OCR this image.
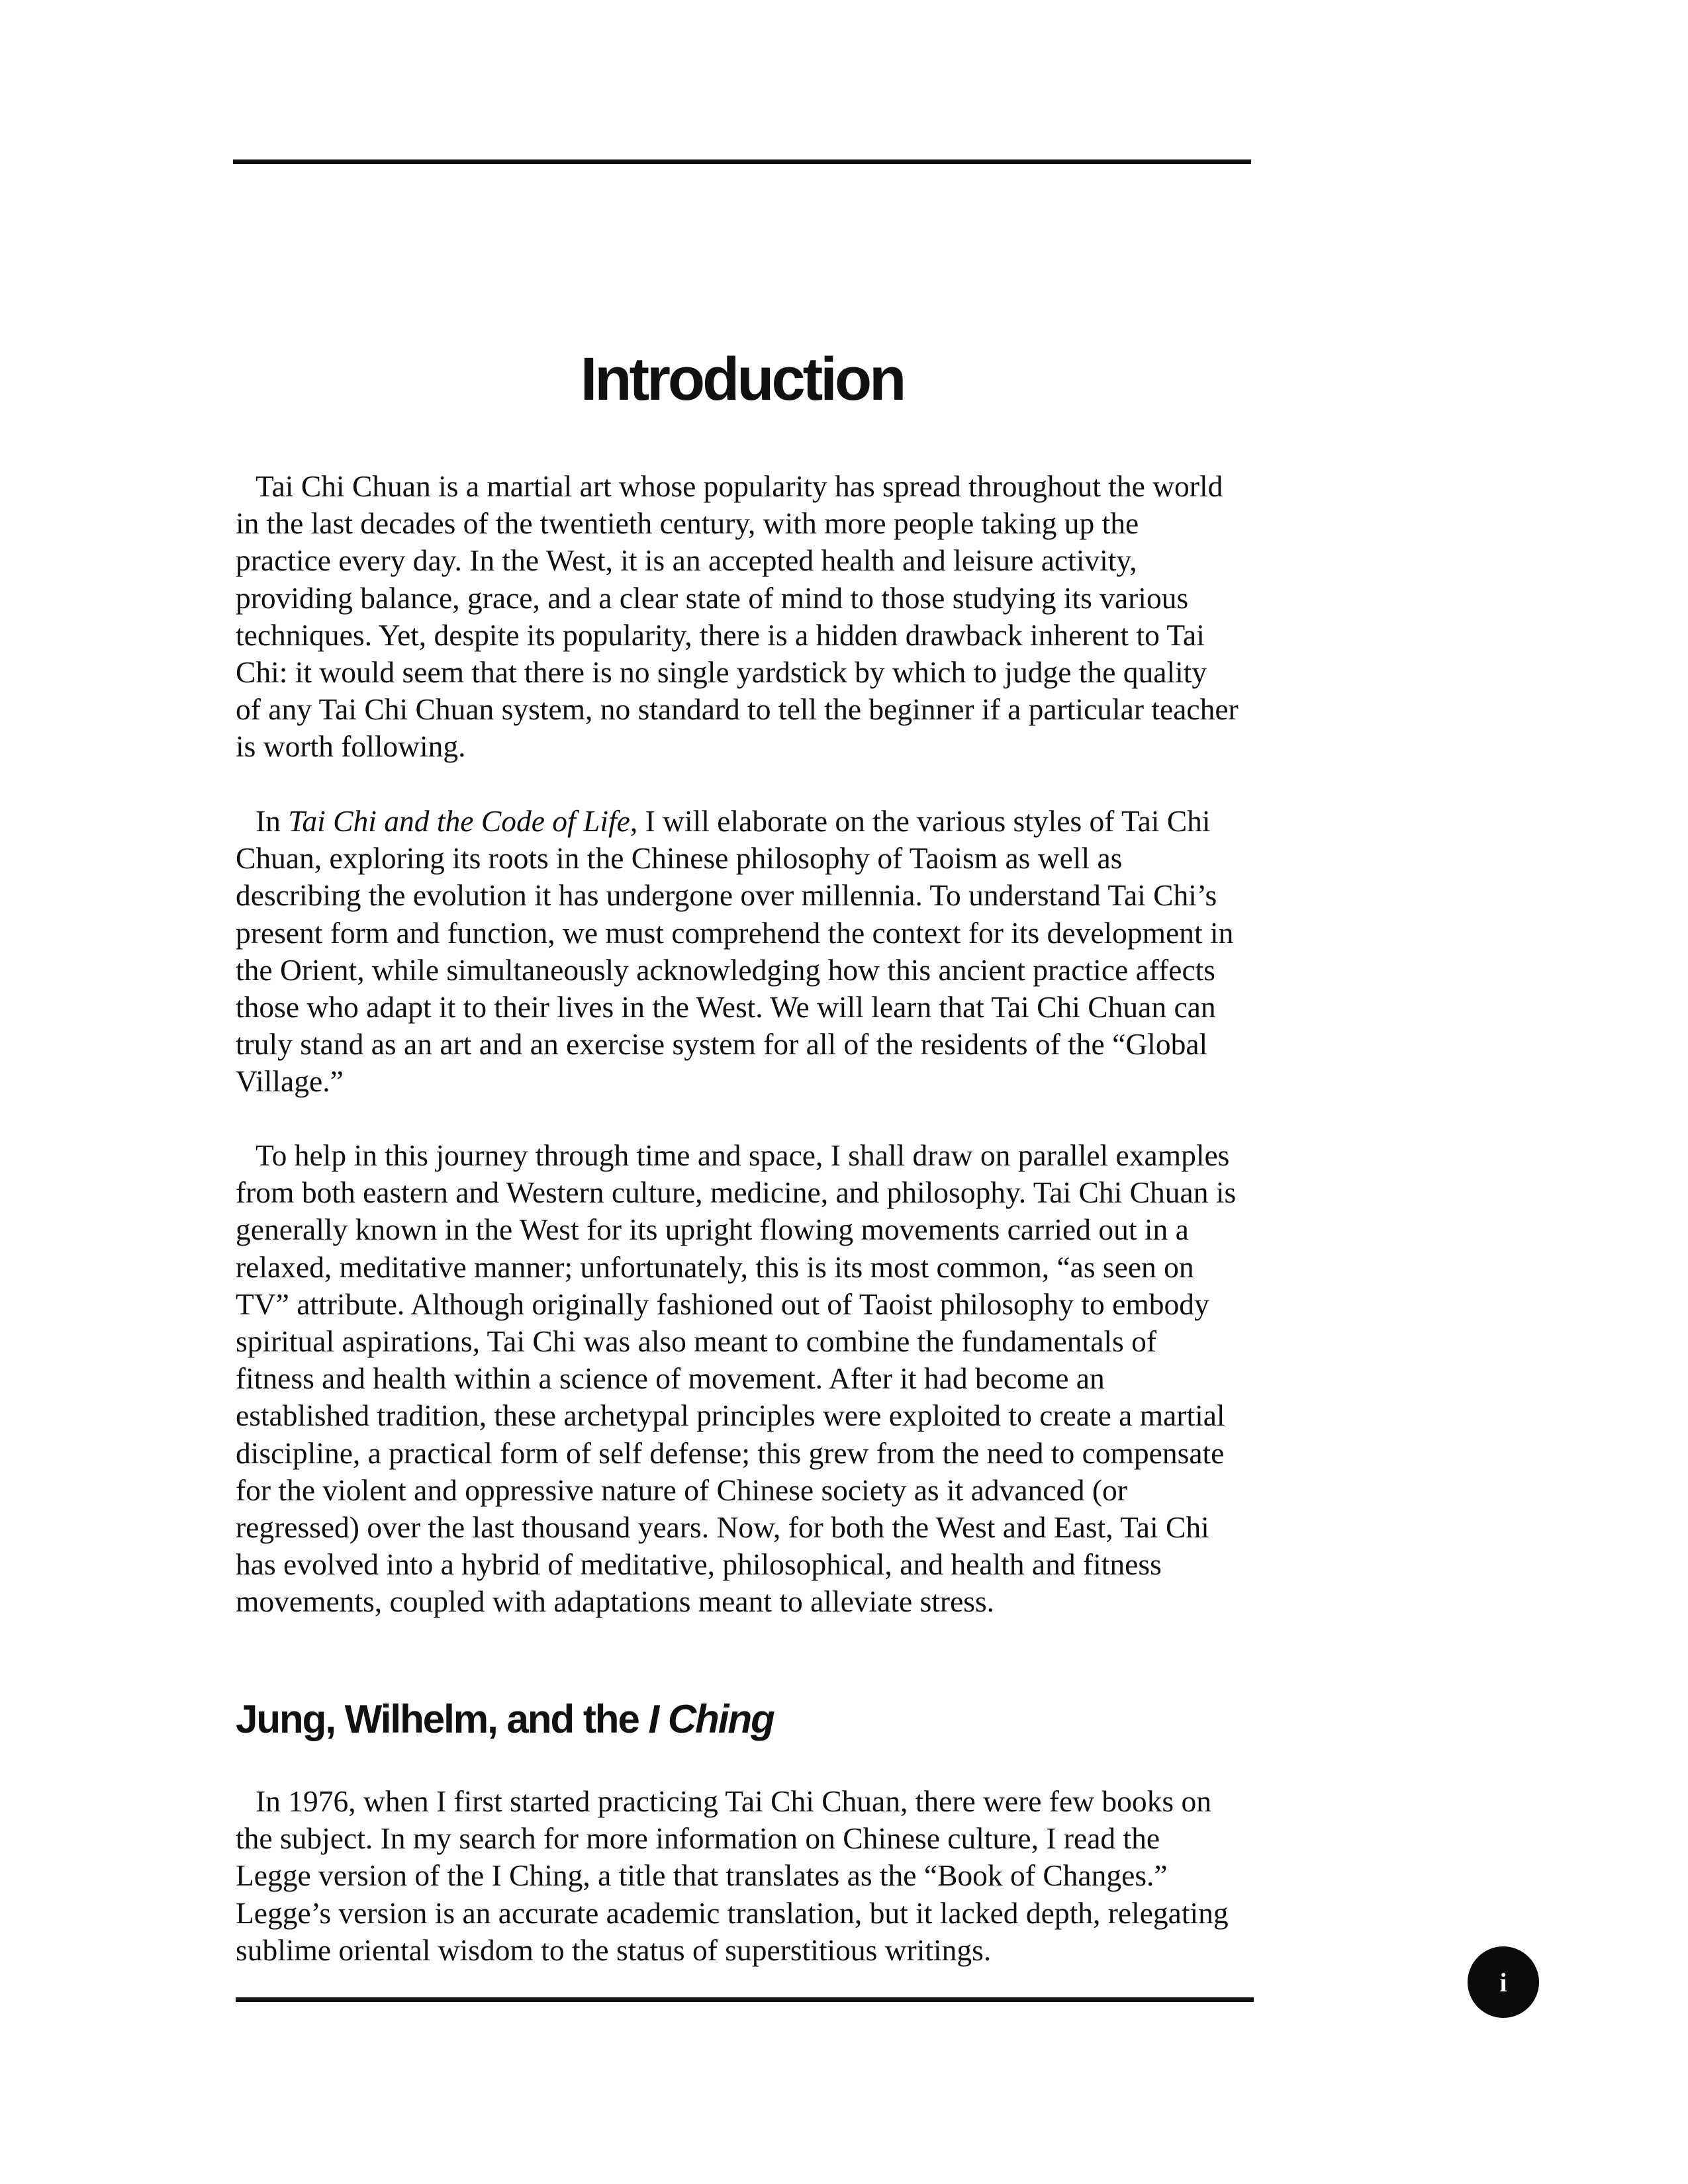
Introduction

Tai Chi Chuan is a martial art whose popularity has spread throughout the world
in the last decades of the twentieth century, with more people taking up the
practice every day. In the West, it is an accepted health and leisure activity,
providing balance, grace, and a clear state of mind to those studying its various
techniques. Yet, despite its popularity, there is a hidden drawback inherent to Tai
Chi: it would seem that there is no single yardstick by which to judge the quality
of any Tai Chi Chuan system, no standard to tell the beginner if a particular teacher
is worth following.

In Tai Chi and the Code of Life, I will elaborate on the various styles of Tai Chi
Chuan, exploring its roots in the Chinese philosophy of Taoism as well as
describing the evolution it has undergone over millennia. To understand Tai Chi’s
present form and function, we must comprehend the context for its development in
the Orient, while simultaneously acknowledging how this ancient practice affects
those who adapt it to their lives in the West. We will learn that Tai Chi Chuan can
truly stand as an art and an exercise system for all of the residents of the “Global
Village.”

To help in this journey through time and space, I shall draw on parallel examples
from both eastern and Western culture, medicine, and philosophy. Tai Chi Chuan is
generally known in the West for its upright flowing movements carried out in a
relaxed, meditative manner; unfortunately, this is its most common, “as seen on
TV” attribute. Although originally fashioned out of Taoist philosophy to embody
spiritual aspirations, Tai Chi was also meant to combine the fundamentals of
fitness and health within a science of movement. After it had become an
established tradition, these archetypal principles were exploited to create a martial
discipline, a practical form of self defense; this grew from the need to compensate
for the violent and oppressive nature of Chinese society as it advanced (or
regressed) over the last thousand years. Now, for both the West and East, Tai Chi
has evolved into a hybrid of meditative, philosophical, and health and fitness
movements, coupled with adaptations meant to alleviate stress.

Jung, Wilhelm, and the I Ching

In 1976, when I first started practicing Tai Chi Chuan, there were few books on
the subject. In my search for more information on Chinese culture, I read the
Legge version of the I Ching, a title that translates as the “Book of Changes.”
Legge’s version is an accurate academic translation, but it lacked depth, relegating
sublime oriental wisdom to the status of superstitious writings.

i
